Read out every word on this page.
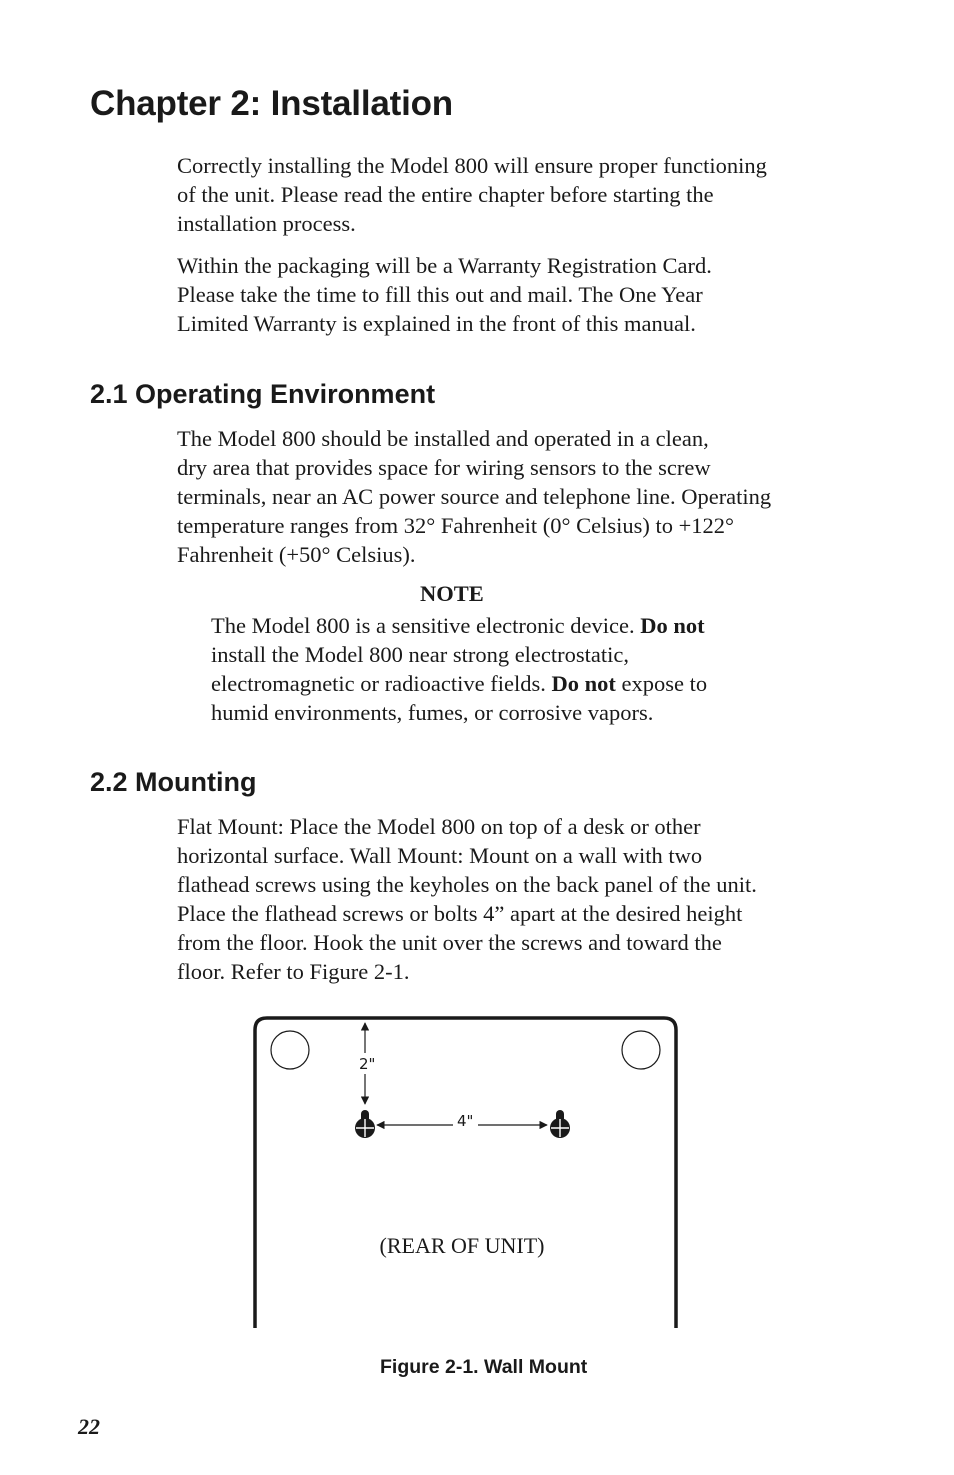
Chapter 2: Installation

Correctly installing the Model 800 will ensure proper functioning
of the unit. Please read the entire chapter before starting the
installation process.

Within the packaging will be a Warranty Registration Card.
Please take the time to fill this out and mail. The One Year
Limited Warranty is explained in the front of this manual.

2.1 Operating Environment

The Model 800 should be installed and operated in a clean,
dry area that provides space for wiring sensors to the screw
terminals, near an AC power source and telephone line. Operating
temperature ranges from 32° Fahrenheit (0° Celsius) to +122°
Fahrenheit (+50° Celsius).

NOTE

The Model 800 is a sensitive electronic device. Do not install the Model 800 near strong electrostatic, electromagnetic or radioactive fields. Do not expose to humid environments, fumes, or corrosive vapors.

2.2 Mounting

Flat Mount: Place the Model 800 on top of a desk or other
horizontal surface. Wall Mount: Mount on a wall with two
flathead screws using the keyholes on the back panel of the unit.
Place the flathead screws or bolts 4” apart at the desired height
from the floor. Hook the unit over the screws and toward the
floor. Refer to Figure 2-1.

2"
4"
(REAR OF UNIT)

Figure 2-1. Wall Mount

22
